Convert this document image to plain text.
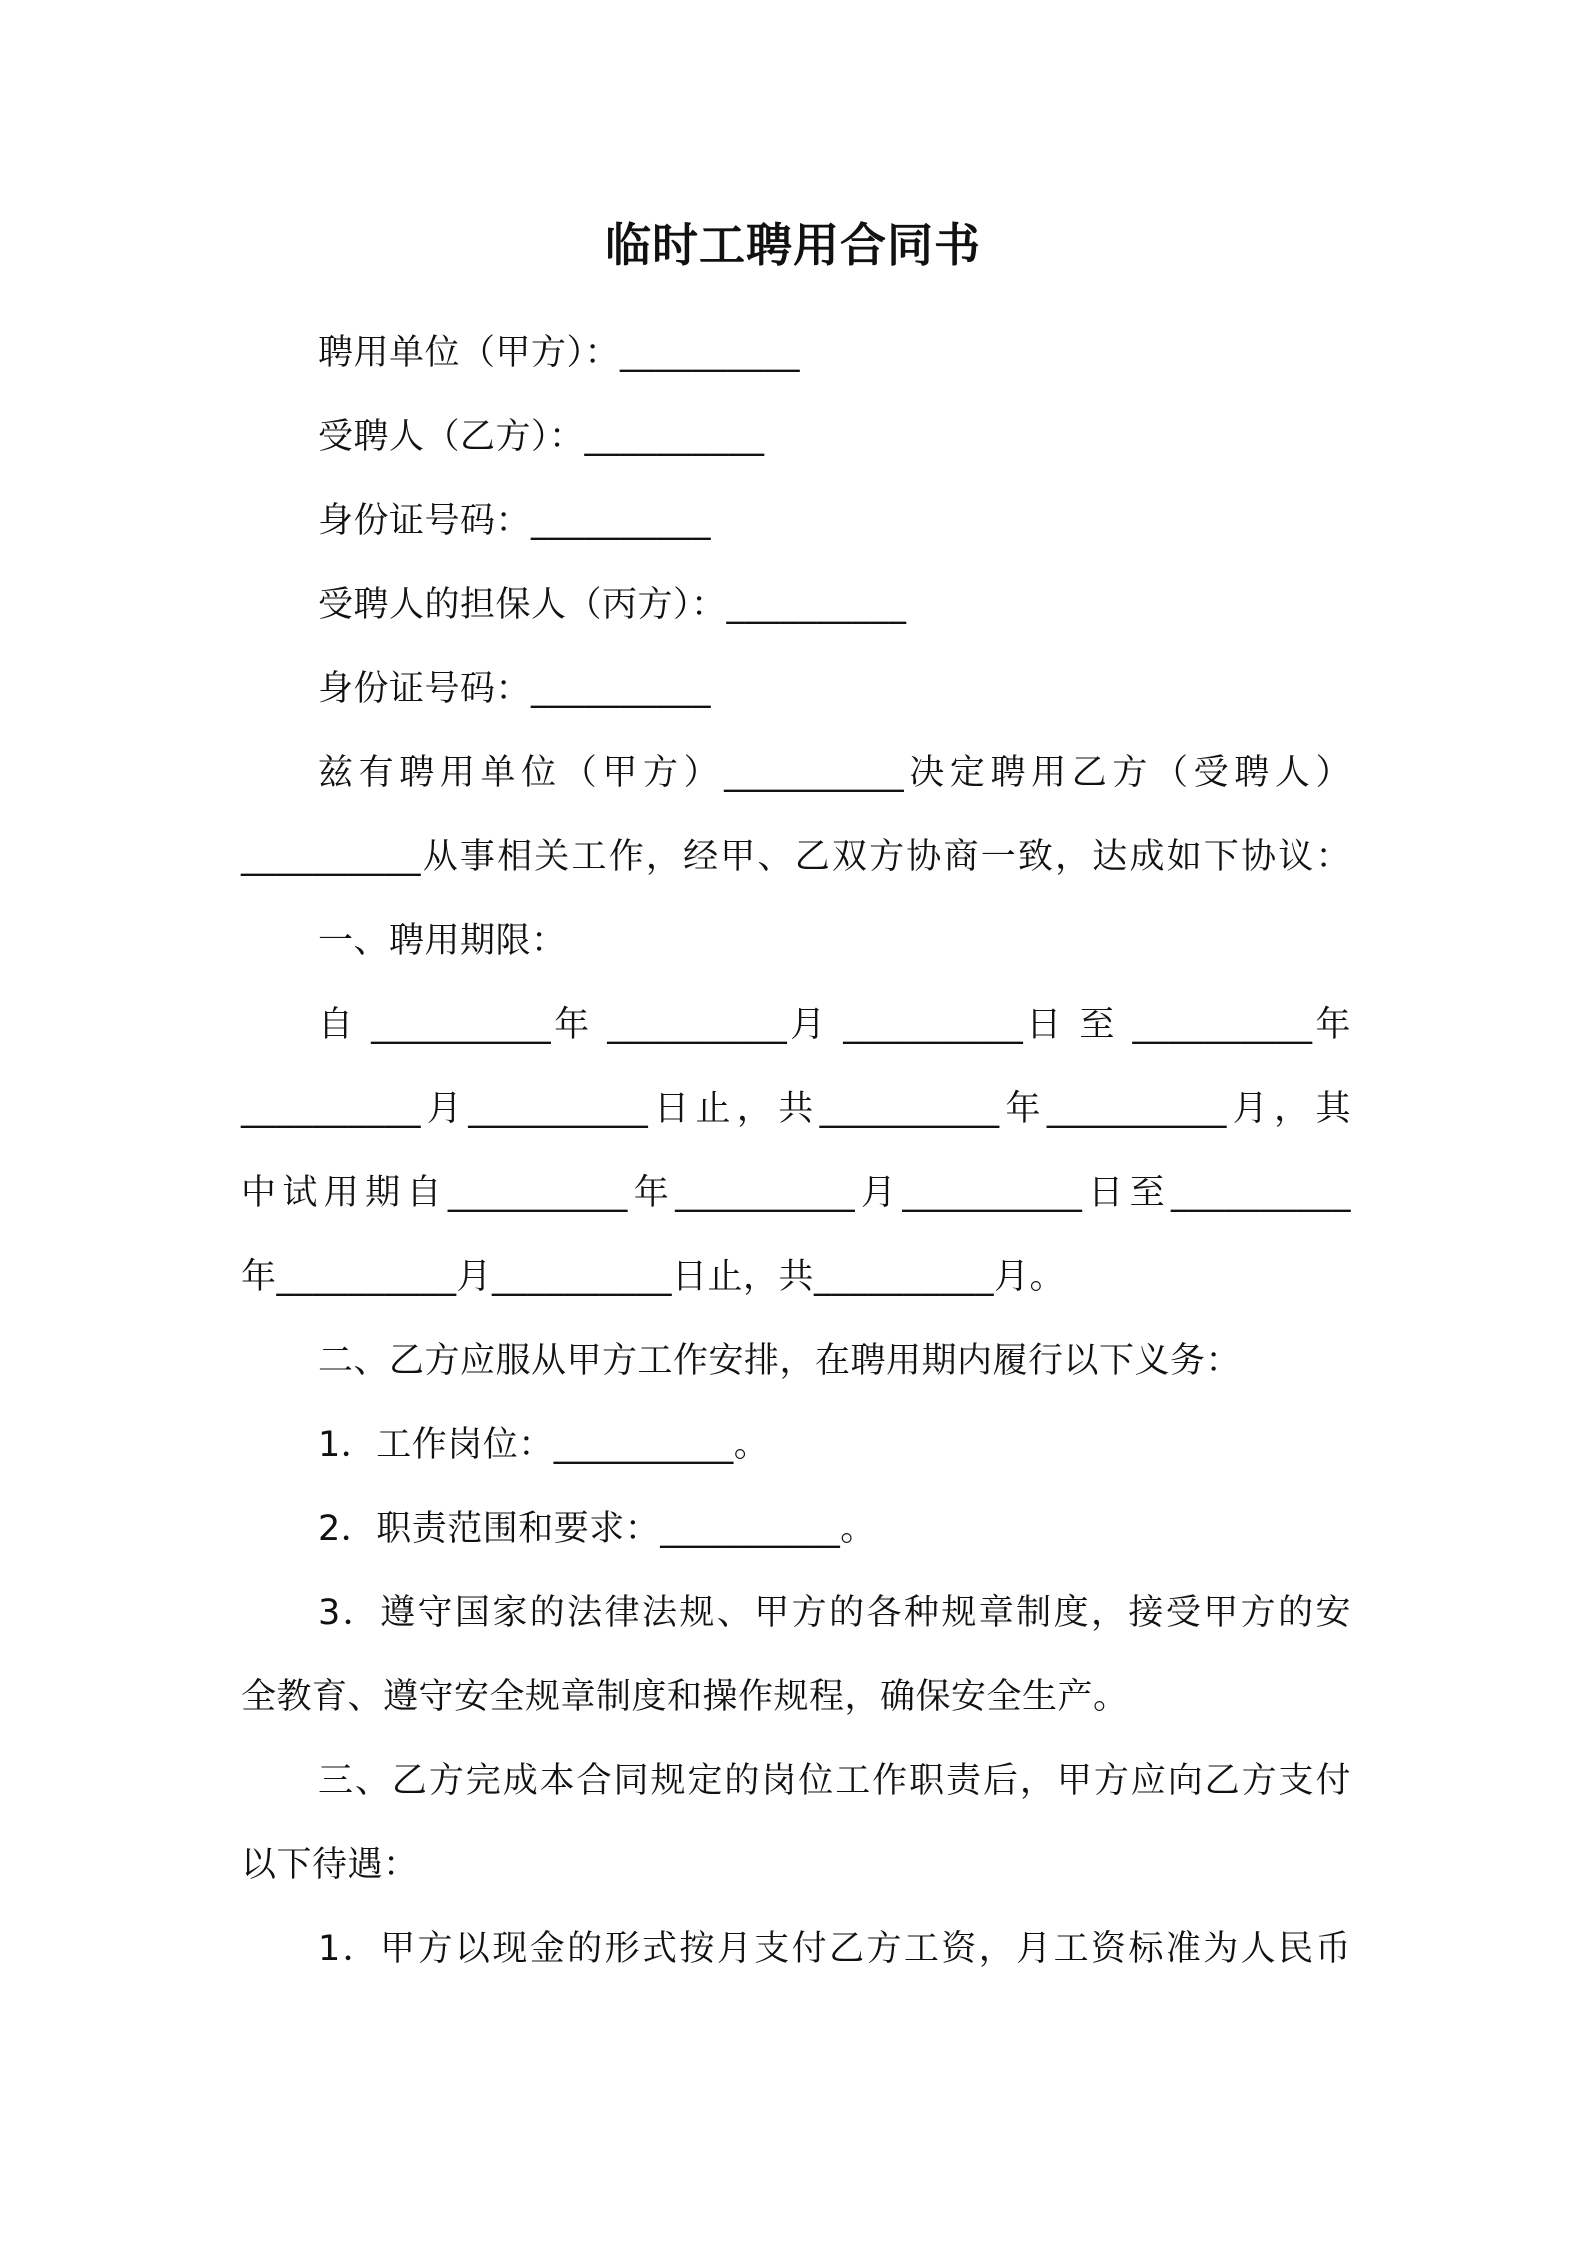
临时工聘用合同书
聘用单位（甲方）：__________
受聘人（乙方）：__________
身份证号码：__________
受聘人的担保人（丙方）：__________
身份证号码：__________
兹有聘用单位（甲方）__________决定聘用乙方（受聘人）
__________从事相关工作，经甲、乙双方协商一致，达成如下协议：
一、聘用期限：
自 __________年 __________月 __________日 至 __________年
__________月__________日止，共__________年__________月，其
中试用期自__________年__________月__________日至__________
年__________月__________日止，共__________月。
二、乙方应服从甲方工作安排，在聘用期内履行以下义务：
1．工作岗位：__________。
2．职责范围和要求：__________。
3．遵守国家的法律法规、甲方的各种规章制度，接受甲方的安
全教育、遵守安全规章制度和操作规程，确保安全生产。
三、乙方完成本合同规定的岗位工作职责后，甲方应向乙方支付
以下待遇：
1．甲方以现金的形式按月支付乙方工资，月工资标准为人民币
